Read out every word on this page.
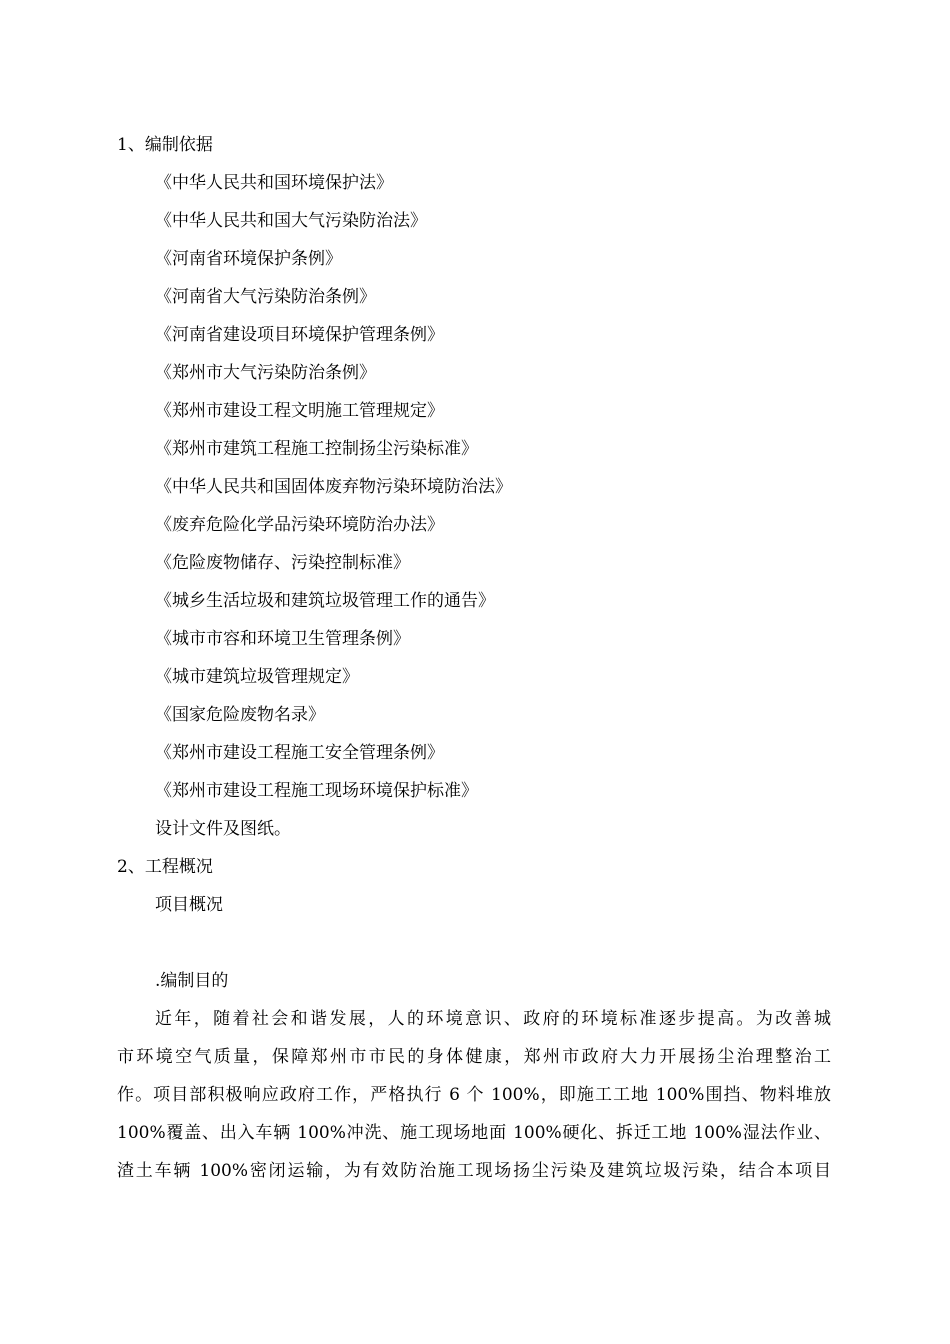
1、编制依据
《中华人民共和国环境保护法》
《中华人民共和国大气污染防治法》
《河南省环境保护条例》
《河南省大气污染防治条例》
《河南省建设项目环境保护管理条例》
《郑州市大气污染防治条例》
《郑州市建设工程文明施工管理规定》
《郑州市建筑工程施工控制扬尘污染标准》
《中华人民共和国固体废弃物污染环境防治法》
《废弃危险化学品污染环境防治办法》
《危险废物储存、污染控制标准》
《城乡生活垃圾和建筑垃圾管理工作的通告》
《城市市容和环境卫生管理条例》
《城市建筑垃圾管理规定》
《国家危险废物名录》
《郑州市建设工程施工安全管理条例》
《郑州市建设工程施工现场环境保护标准》
设计文件及图纸。
2、工程概况
项目概况
.编制目的
近年，随着社会和谐发展，人的环境意识、政府的环境标准逐步提高。为改善城
市环境空气质量，保障郑州市市民的身体健康，郑州市政府大力开展扬尘治理整治工
作。项目部积极响应政府工作，严格执行 6 个 100%，即施工工地 100%围挡、物料堆放
100%覆盖、出入车辆 100%冲洗、施工现场地面 100%硬化、拆迁工地 100%湿法作业、
渣土车辆 100%密闭运输，为有效防治施工现场扬尘污染及建筑垃圾污染，结合本项目
